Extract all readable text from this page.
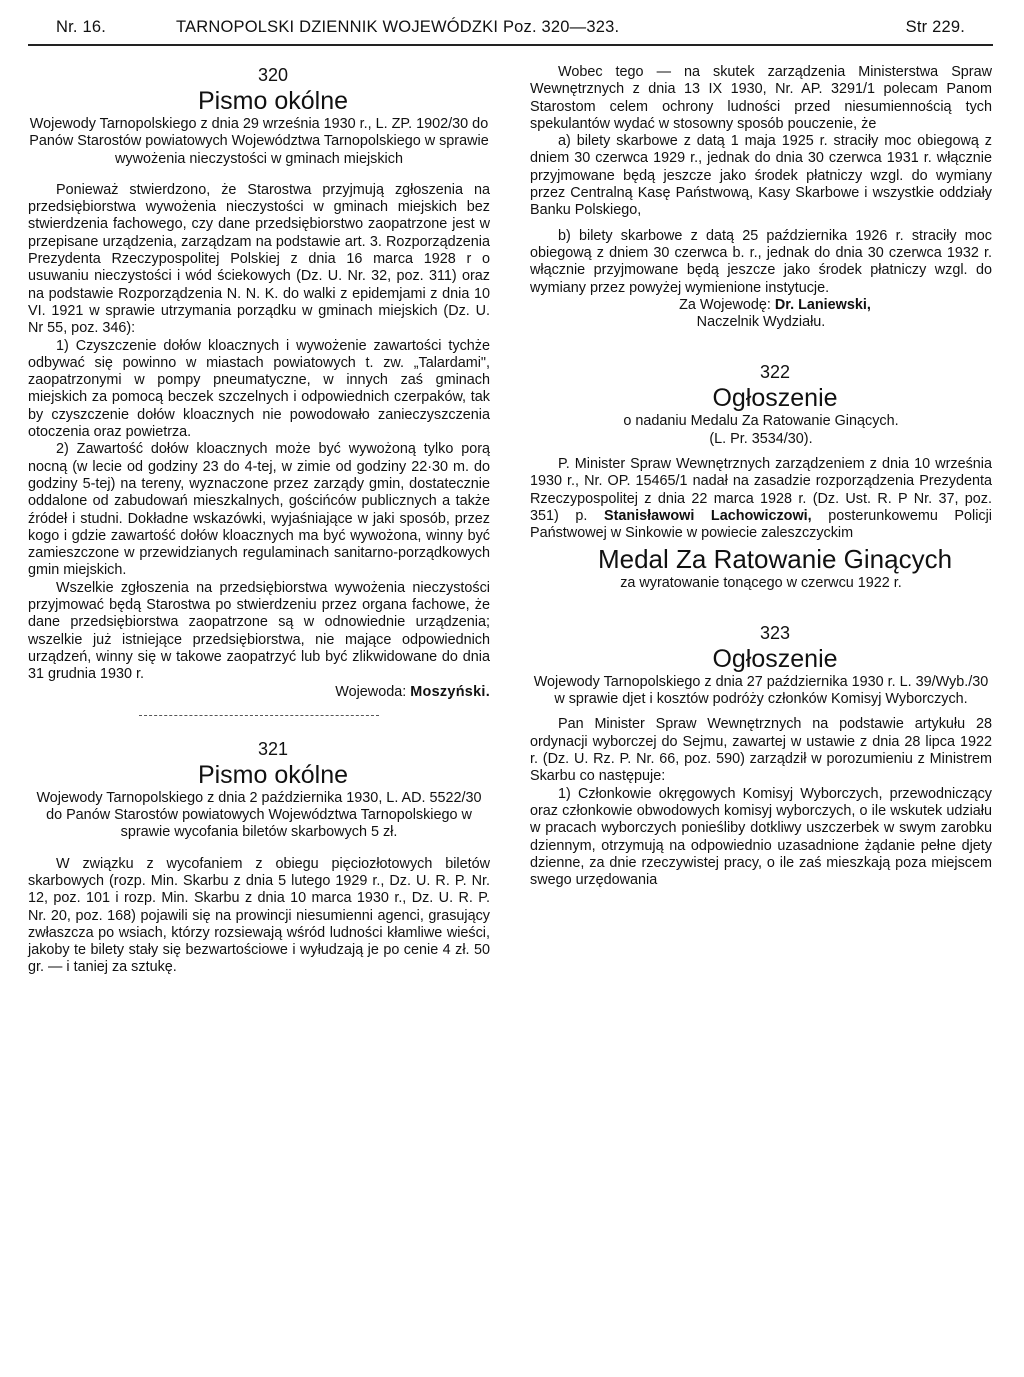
Nr. 16.	TARNOPOLSKI DZIENNIK WOJEWÓDZKI Poz. 320—323.	Str 229.

320

Pismo okólne

Wojewody Tarnopolskiego z dnia 29 września 1930 r., L. ZP. 1902/30 do Panów Starostów powiatowych Województwa Tarnopolskiego w sprawie wywożenia nieczystości w gminach miejskich

Ponieważ stwierdzono, że Starostwa przyjmują zgłoszenia na przedsiębiorstwa wywożenia nieczystości w gminach miejskich bez stwierdzenia fachowego, czy dane przedsiębiorstwo zaopatrzone jest w przepisane urządzenia, zarządzam na podstawie art. 3. Rozporządzenia Prezydenta Rzeczypospolitej Polskiej z dnia 16 marca 1928 r o usuwaniu nieczystości i wód ściekowych (Dz. U. Nr. 32, poz. 311) oraz na podstawie Rozporządzenia N. N. K. do walki z epidemjami z dnia 10 VI. 1921 w sprawie utrzymania porządku w gminach miejskich (Dz. U. Nr 55, poz. 346):

1) Czyszczenie dołów kloacznych i wywożenie zawartości tychże odbywać się powinno w miastach powiatowych t. zw. „Talardami", zaopatrzonymi w pompy pneumatyczne, w innych zaś gminach miejskich za pomocą beczek szczelnych i odpowiednich czerpaków, tak by czyszczenie dołów kloacznych nie powodowało zanieczyszczenia otoczenia oraz powietrza.

2) Zawartość dołów kloacznych może być wywożoną tylko porą nocną (w lecie od godziny 23 do 4-tej, w zimie od godziny 22·30 m. do godziny 5-tej) na tereny, wyznaczone przez zarządy gmin, dostatecznie oddalone od zabudowań mieszkalnych, gościńców publicznych a także źródeł i studni. Dokładne wskazówki, wyjaśniające w jaki sposób, przez kogo i gdzie zawartość dołów kloacznych ma być wywożona, winny być zamieszczone w przewidzianych regulaminach sanitarno-porządkowych gmin miejskich.

Wszelkie zgłoszenia na przedsiębiorstwa wywożenia nieczystości przyjmować będą Starostwa po stwierdzeniu przez organa fachowe, że dane przedsiębiorstwa zaopatrzone są w odnowiednie urządzenia; wszelkie już istniejące przedsiębiorstwa, nie mające odpowiednich urządzeń, winny się w takowe zaopatrzyć lub być zlikwidowane do dnia 31 grudnia 1930 r.

Wojewoda: Moszyński.

321

Pismo okólne

Wojewody Tarnopolskiego z dnia 2 października 1930, L. AD. 5522/30 do Panów Starostów powiatowych Województwa Tarnopolskiego w sprawie wycofania biletów skarbowych 5 zł.

W związku z wycofaniem z obiegu pięciozłotowych biletów skarbowych (rozp. Min. Skarbu z dnia 5 lutego 1929 r., Dz. U. R. P. Nr. 12, poz. 101 i rozp. Min. Skarbu z dnia 10 marca 1930 r., Dz. U. R. P. Nr. 20, poz. 168) pojawili się na prowincji niesumienni agenci, grasujący zwłaszcza po wsiach, którzy rozsiewają wśród ludności kłamliwe wieści, jakoby te bilety stały się bezwartościowe i wyłudzają je po cenie 4 zł. 50 gr. — i taniej za sztukę.

Wobec tego — na skutek zarządzenia Ministerstwa Spraw Wewnętrznych z dnia 13 IX 1930, Nr. AP. 3291/1 polecam Panom Starostom celem ochrony ludności przed niesumiennością tych spekulantów wydać w stosowny sposób pouczenie, że

a) bilety skarbowe z datą 1 maja 1925 r. straciły moc obiegową z dniem 30 czerwca 1929 r., jednak do dnia 30 czerwca 1931 r. włącznie przyjmowane będą jeszcze jako środek płatniczy wzgl. do wymiany przez Centralną Kasę Państwową, Kasy Skarbowe i wszystkie oddziały Banku Polskiego,

b) bilety skarbowe z datą 25 października 1926 r. straciły moc obiegową z dniem 30 czerwca b. r., jednak do dnia 30 czerwca 1932 r. włącznie przyjmowane będą jeszcze jako środek płatniczy wzgl. do wymiany przez powyżej wymienione instytucje.

Za Wojewodę: Dr. Laniewski,
Naczelnik Wydziału.

322

Ogłoszenie

o nadaniu Medalu Za Ratowanie Ginących.

(L. Pr. 3534/30).

P. Minister Spraw Wewnętrznych zarządzeniem z dnia 10 września 1930 r., Nr. OP. 15465/1 nadał na zasadzie rozporządzenia Prezydenta Rzeczypospolitej z dnia 22 marca 1928 r. (Dz. Ust. R. P Nr. 37, poz. 351) p. Stanisławowi Lachowiczowi, posterunkowemu Policji Państwowej w Sinkowie w powiecie zaleszczyckim

Medal Za Ratowanie Ginących

za wyratowanie tonącego w czerwcu 1922 r.

323

Ogłoszenie

Wojewody Tarnopolskiego z dnia 27 października 1930 r. L. 39/Wyb./30 w sprawie djet i kosztów podróży członków Komisyj Wyborczych.

Pan Minister Spraw Wewnętrznych na podstawie artykułu 28 ordynacji wyborczej do Sejmu, zawartej w ustawie z dnia 28 lipca 1922 r. (Dz. U. Rz. P. Nr. 66, poz. 590) zarządził w porozumieniu z Ministrem Skarbu co następuje:

1) Członkowie okręgowych Komisyj Wyborczych, przewodniczący oraz członkowie obwodowych komisyj wyborczych, o ile wskutek udziału w pracach wyborczych ponieśliby dotkliwy uszczerbek w swym zarobku dziennym, otrzymują na odpowiednio uzasadnione żądanie pełne djety dzienne, za dnie rzeczywistej pracy, o ile zaś mieszkają poza miejscem swego urzędowania
